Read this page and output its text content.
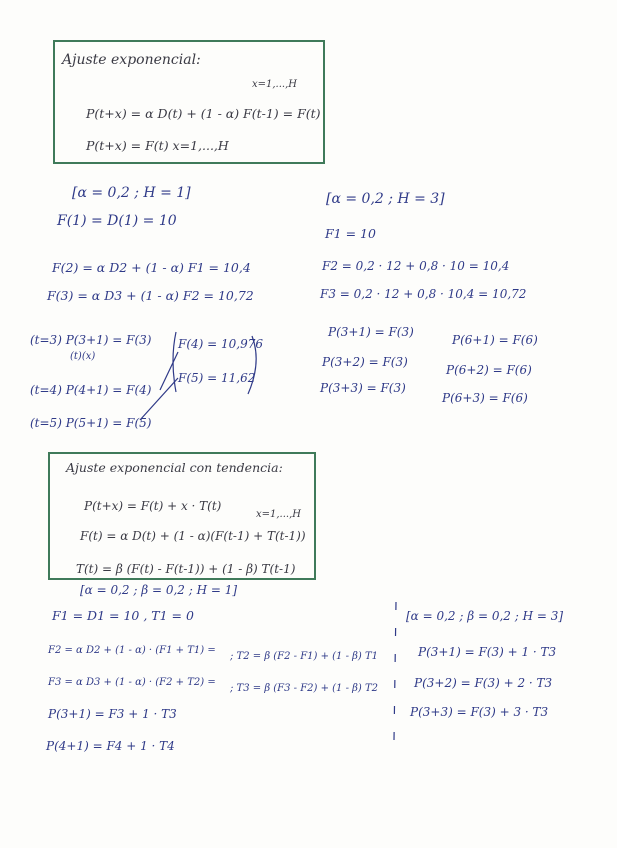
Ajuste exponencial:
x=1,...,H
P(t+x) = α D(t) + (1 - α) F(t-1) = F(t)
P(t+x) = F(t) x=1,...,H
[α = 0,2 ; H = 1]
F(1) = D(1) = 10
F(2) = α D2 + (1 - α) F1 = 10,4
F(3) = α D3 + (1 - α) F2 = 10,72
(t=3) P(3+1) = F(3)
(t)(x)
(t=4) P(4+1) = F(4)
(t=5) P(5+1) = F(5)
F(4) = 10,976
F(5) = 11,62
[α = 0,2 ; H = 3]
F1 = 10
F2 = 0,2 · 12 + 0,8 · 10 = 10,4
F3 = 0,2 · 12 + 0,8 · 10,4 = 10,72
P(3+1) = F(3)
P(3+2) = F(3)
P(3+3) = F(3)
P(6+1) = F(6)
P(6+2) = F(6)
P(6+3) = F(6)
Ajuste exponencial con tendencia:
P(t+x) = F(t) + x · T(t)
x=1,...,H
F(t) = α D(t) + (1 - α)(F(t-1) + T(t-1))
T(t) = β (F(t) - F(t-1)) + (1 - β) T(t-1)
[α = 0,2 ; β = 0,2 ; H = 1]
F1 = D1 = 10 , T1 = 0
F2 = α D2 + (1 - α) · (F1 + T1) =
; T2 = β (F2 - F1) + (1 - β) T1
F3 = α D3 + (1 - α) · (F2 + T2) =
; T3 = β (F3 - F2) + (1 - β) T2
P(3+1) = F3 + 1 · T3
P(4+1) = F4 + 1 · T4
[α = 0,2 ; β = 0,2 ; H = 3]
P(3+1) = F(3) + 1 · T3
P(3+2) = F(3) + 2 · T3
P(3+3) = F(3) + 3 · T3
